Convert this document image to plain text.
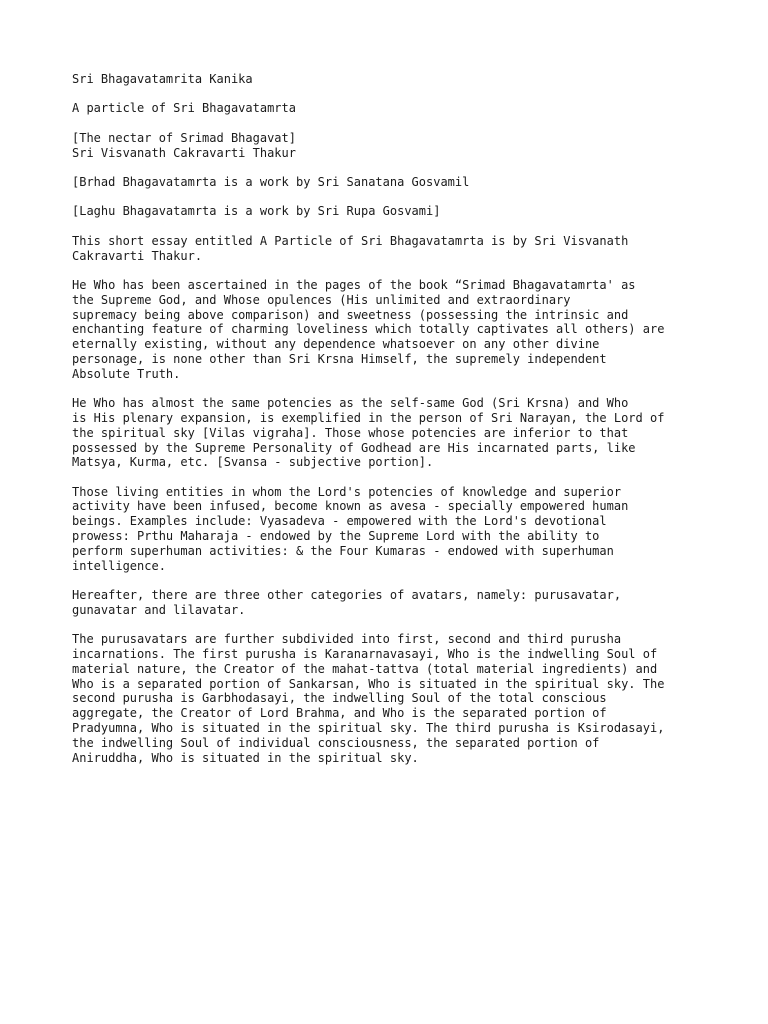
Sri Bhagavatamrita Kanika

A particle of Sri Bhagavatamrta

[The nectar of Srimad Bhagavat]
Sri Visvanath Cakravarti Thakur

[Brhad Bhagavatamrta is a work by Sri Sanatana Gosvamil

[Laghu Bhagavatamrta is a work by Sri Rupa Gosvami]

This short essay entitled A Particle of Sri Bhagavatamrta is by Sri Visvanath
Cakravarti Thakur.

He Who has been ascertained in the pages of the book “Srimad Bhagavatamrta' as
the Supreme God, and Whose opulences (His unlimited and extraordinary
supremacy being above comparison) and sweetness (possessing the intrinsic and
enchanting feature of charming loveliness which totally captivates all others) are
eternally existing, without any dependence whatsoever on any other divine
personage, is none other than Sri Krsna Himself, the supremely independent
Absolute Truth.

He Who has almost the same potencies as the self-same God (Sri Krsna) and Who
is His plenary expansion, is exemplified in the person of Sri Narayan, the Lord of
the spiritual sky [Vilas vigraha]. Those whose potencies are inferior to that
possessed by the Supreme Personality of Godhead are His incarnated parts, like
Matsya, Kurma, etc. [Svansa - subjective portion].

Those living entities in whom the Lord's potencies of knowledge and superior
activity have been infused, become known as avesa - specially empowered human
beings. Examples include: Vyasadeva - empowered with the Lord's devotional
prowess: Prthu Maharaja - endowed by the Supreme Lord with the ability to
perform superhuman activities: & the Four Kumaras - endowed with superhuman
intelligence.

Hereafter, there are three other categories of avatars, namely: purusavatar,
gunavatar and lilavatar.

The purusavatars are further subdivided into first, second and third purusha
incarnations. The first purusha is Karanarnavasayi, Who is the indwelling Soul of
material nature, the Creator of the mahat-tattva (total material ingredients) and
Who is a separated portion of Sankarsan, Who is situated in the spiritual sky. The
second purusha is Garbhodasayi, the indwelling Soul of the total conscious
aggregate, the Creator of Lord Brahma, and Who is the separated portion of
Pradyumna, Who is situated in the spiritual sky. The third purusha is Ksirodasayi,
the indwelling Soul of individual consciousness, the separated portion of
Aniruddha, Who is situated in the spiritual sky.
